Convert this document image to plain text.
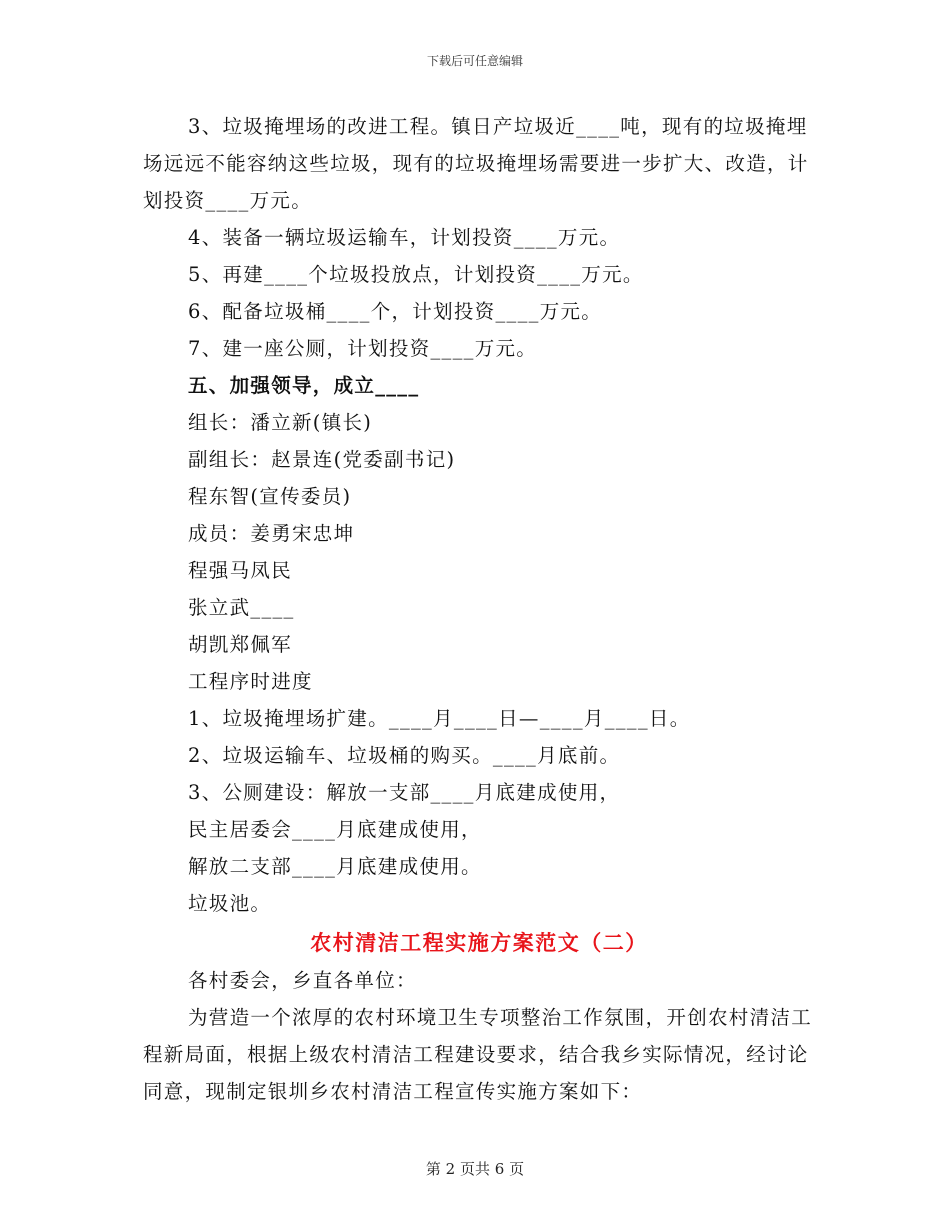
下载后可任意编辑

3、垃圾掩埋场的改进工程。镇日产垃圾近____吨，现有的垃圾掩埋场远远不能容纳这些垃圾，现有的垃圾掩埋场需要进一步扩大、改造，计划投资____万元。

4、装备一辆垃圾运输车，计划投资____万元。

5、再建____个垃圾投放点，计划投资____万元。

6、配备垃圾桶____个，计划投资____万元。

7、建一座公厕，计划投资____万元。

五、加强领导，成立____

组长：潘立新(镇长)

副组长：赵景连(党委副书记)

程东智(宣传委员)

成员：姜勇宋忠坤

程强马凤民

张立武____

胡凯郑佩军

工程序时进度

1、垃圾掩埋场扩建。____月____日—____月____日。

2、垃圾运输车、垃圾桶的购买。____月底前。

3、公厕建设：解放一支部____月底建成使用，

民主居委会____月底建成使用，

解放二支部____月底建成使用。

垃圾池。

农村清洁工程实施方案范文（二）

各村委会，乡直各单位：

为营造一个浓厚的农村环境卫生专项整治工作氛围，开创农村清洁工程新局面，根据上级农村清洁工程建设要求，结合我乡实际情况，经讨论同意，现制定银圳乡农村清洁工程宣传实施方案如下：

第 2 页共 6 页
